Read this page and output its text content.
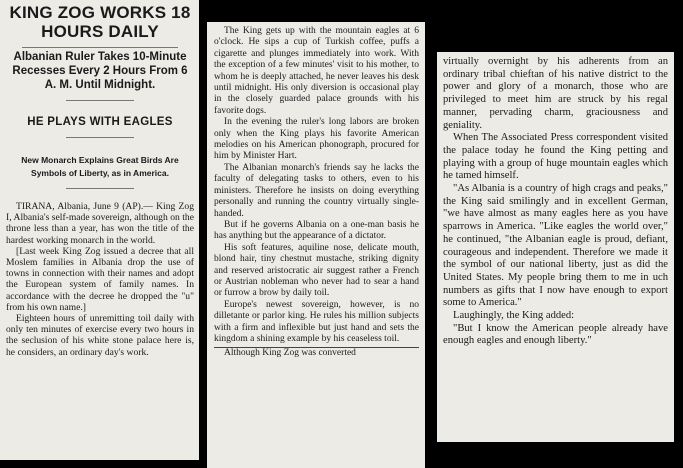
KING ZOG WORKS 18 HOURS DAILY
Albanian Ruler Takes 10-Minute Recesses Every 2 Hours From 6 A. M. Until Midnight.
HE PLAYS WITH EAGLES
New Monarch Explains Great Birds Are Symbols of Liberty, as in America.

TIRANA, Albania, June 9 (AP).— King Zog I, Albania's self-made sovereign, although on the throne less than a year, has won the title of the hardest working monarch in the world.

[Last week King Zog issued a decree that all Moslem families in Albania drop the use of towns in connection with their names and adopt the European system of family names. In accordance with the decree he dropped the "u" from his own name.]

Eighteen hours of unremitting toil daily with only ten minutes of exercise every two hours in the seclusion of his white stone palace here is, he considers, an ordinary day's work.

The King gets up with the mountain eagles at 6 o'clock. He sips a cup of Turkish coffee, puffs a cigarette and plunges immediately into work. With the exception of a few minutes' visit to his mother, to whom he is deeply attached, he never leaves his desk until midnight. His only diversion is occasional play in the closely guarded palace grounds with his favorite dogs.

In the evening the ruler's long labors are broken only when the King plays his favorite American melodies on his American phonograph, procured for him by Minister Hart.

The Albanian monarch's friends say he lacks the faculty of delegating tasks to others, even to his ministers. Therefore he insists on doing everything personally and running the country virtually single-handed.

But if he governs Albania on a one-man basis he has anything but the appearance of a dictator.

His soft features, aquiline nose, delicate mouth, blond hair, tiny chestnut mustache, striking dignity and reserved aristocratic air suggest rather a French or Austrian nobleman who never had to sear a hand or furrow a brow by daily toil.

Europe's newest sovereign, however, is no dilletante or parlor king. He rules his million subjects with a firm and inflexible but just hand and sets the kingdom a shining example by his ceaseless toil.

Although King Zog was converted

virtually overnight by his adherents from an ordinary tribal chieftan of his native district to the power and glory of a monarch, those who are privileged to meet him are struck by his regal manner, pervading charm, graciousness and geniality.

When The Associated Press correspondent visited the palace today he found the King petting and playing with a group of huge mountain eagles which he tamed himself.

"As Albania is a country of high crags and peaks," the King said smilingly and in excellent German, "we have almost as many eagles here as you have sparrows in America. "Like eagles the world over," he continued, "the Albanian eagle is proud, defiant, courageous and independent. Therefore we made it the symbol of our national liberty, just as did the United States. My people bring them to me in uch numbers as gifts that I now have enough to export some to America."

Laughingly, the King added:

"But I know the American people already have enough eagles and enough liberty."
